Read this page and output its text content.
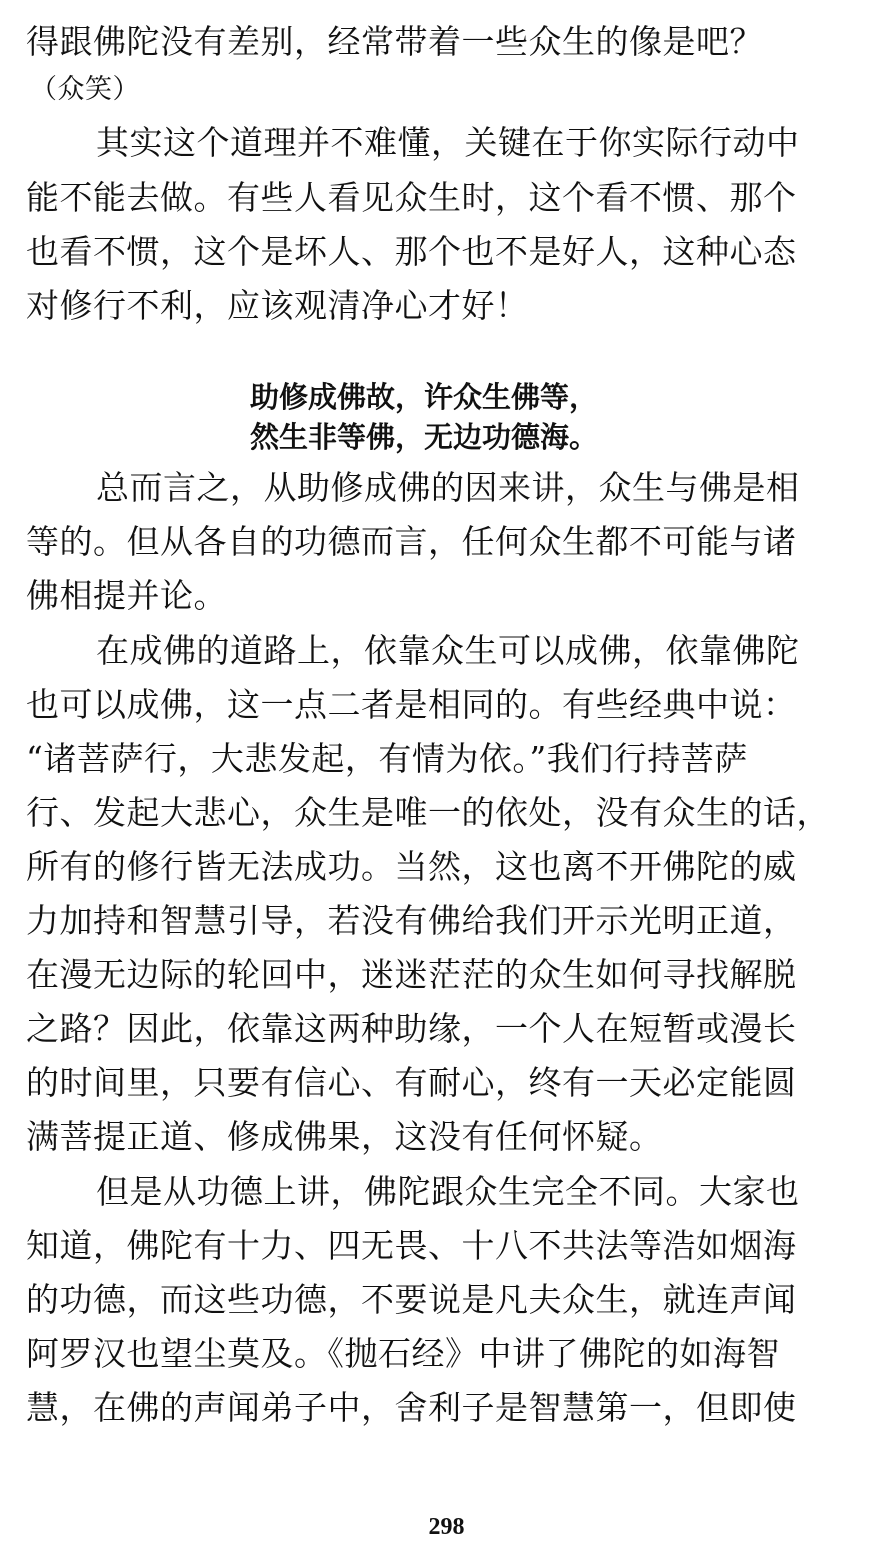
得跟佛陀没有差别，经常带着一些众生的像是吧？
（众笑）
其实这个道理并不难懂，关键在于你实际行动中
能不能去做。有些人看见众生时，这个看不惯、那个
也看不惯，这个是坏人、那个也不是好人，这种心态
对修行不利，应该观清净心才好！
助修成佛故，许众生佛等，
然生非等佛，无边功德海。
总而言之，从助修成佛的因来讲，众生与佛是相
等的。但从各自的功德而言，任何众生都不可能与诸
佛相提并论。
在成佛的道路上，依靠众生可以成佛，依靠佛陀
也可以成佛，这一点二者是相同的。有些经典中说：
“诸菩萨行，大悲发起，有情为依。”我们行持菩萨
行、发起大悲心，众生是唯一的依处，没有众生的话，
所有的修行皆无法成功。当然，这也离不开佛陀的威
力加持和智慧引导，若没有佛给我们开示光明正道，
在漫无边际的轮回中，迷迷茫茫的众生如何寻找解脱
之路？因此，依靠这两种助缘，一个人在短暂或漫长
的时间里，只要有信心、有耐心，终有一天必定能圆
满菩提正道、修成佛果，这没有任何怀疑。
但是从功德上讲，佛陀跟众生完全不同。大家也
知道，佛陀有十力、四无畏、十八不共法等浩如烟海
的功德，而这些功德，不要说是凡夫众生，就连声闻
阿罗汉也望尘莫及。《抛石经》中讲了佛陀的如海智
慧，在佛的声闻弟子中，舍利子是智慧第一，但即使
298
